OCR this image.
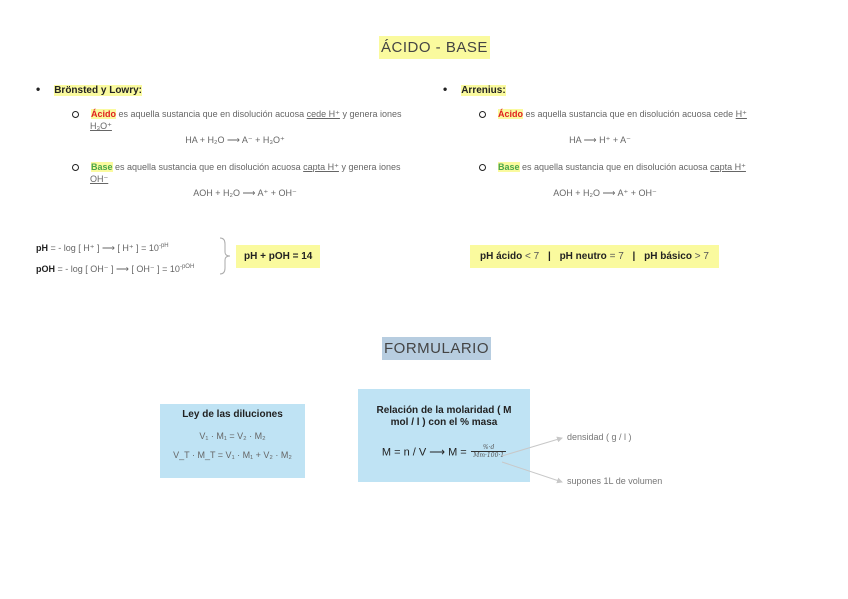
ÁCIDO - BASE
• Brönsted y Lowry:
Ácido es aquella sustancia que en disolución acuosa cede H⁺ y genera iones
H₃O⁺
HA + H₂O ⟶ A⁻ + H₃O⁺
Base es aquella sustancia que en disolución acuosa capta H⁺ y genera iones
OH⁻
AOH + H₂O ⟶ A⁺ + OH⁻
• Arrenius:
Ácido es aquella sustancia que en disolución acuosa cede H⁺
HA ⟶ H⁺ + A⁻
Base es aquella sustancia que en disolución acuosa capta H⁺
AOH + H₂O ⟶ A⁺ + OH⁻
pH = - log [ H⁺ ] ⟶ [ H⁺ ] = $10^{-pH}$
pOH = - log [ OH⁻ ] ⟶ [ OH⁻ ] = $10^{-pOH}$
pH + pOH = 14	pH ácido < 7 | pH neutro = 7 | pH básico > 7
FORMULARIO
Ley de las diluciones
V₁ · M₁ = V₂ · M₂
V_T · M_T = V₁ · M₁ + V₂ · M₂
Relación de la molaridad ( M mol / l ) con el % masa
M = n / V ⟶ $M = \frac{\%\cdot d}{Mm\cdot 100\cdot 1}$
densidad ( g / l )
supones 1L de volumen
